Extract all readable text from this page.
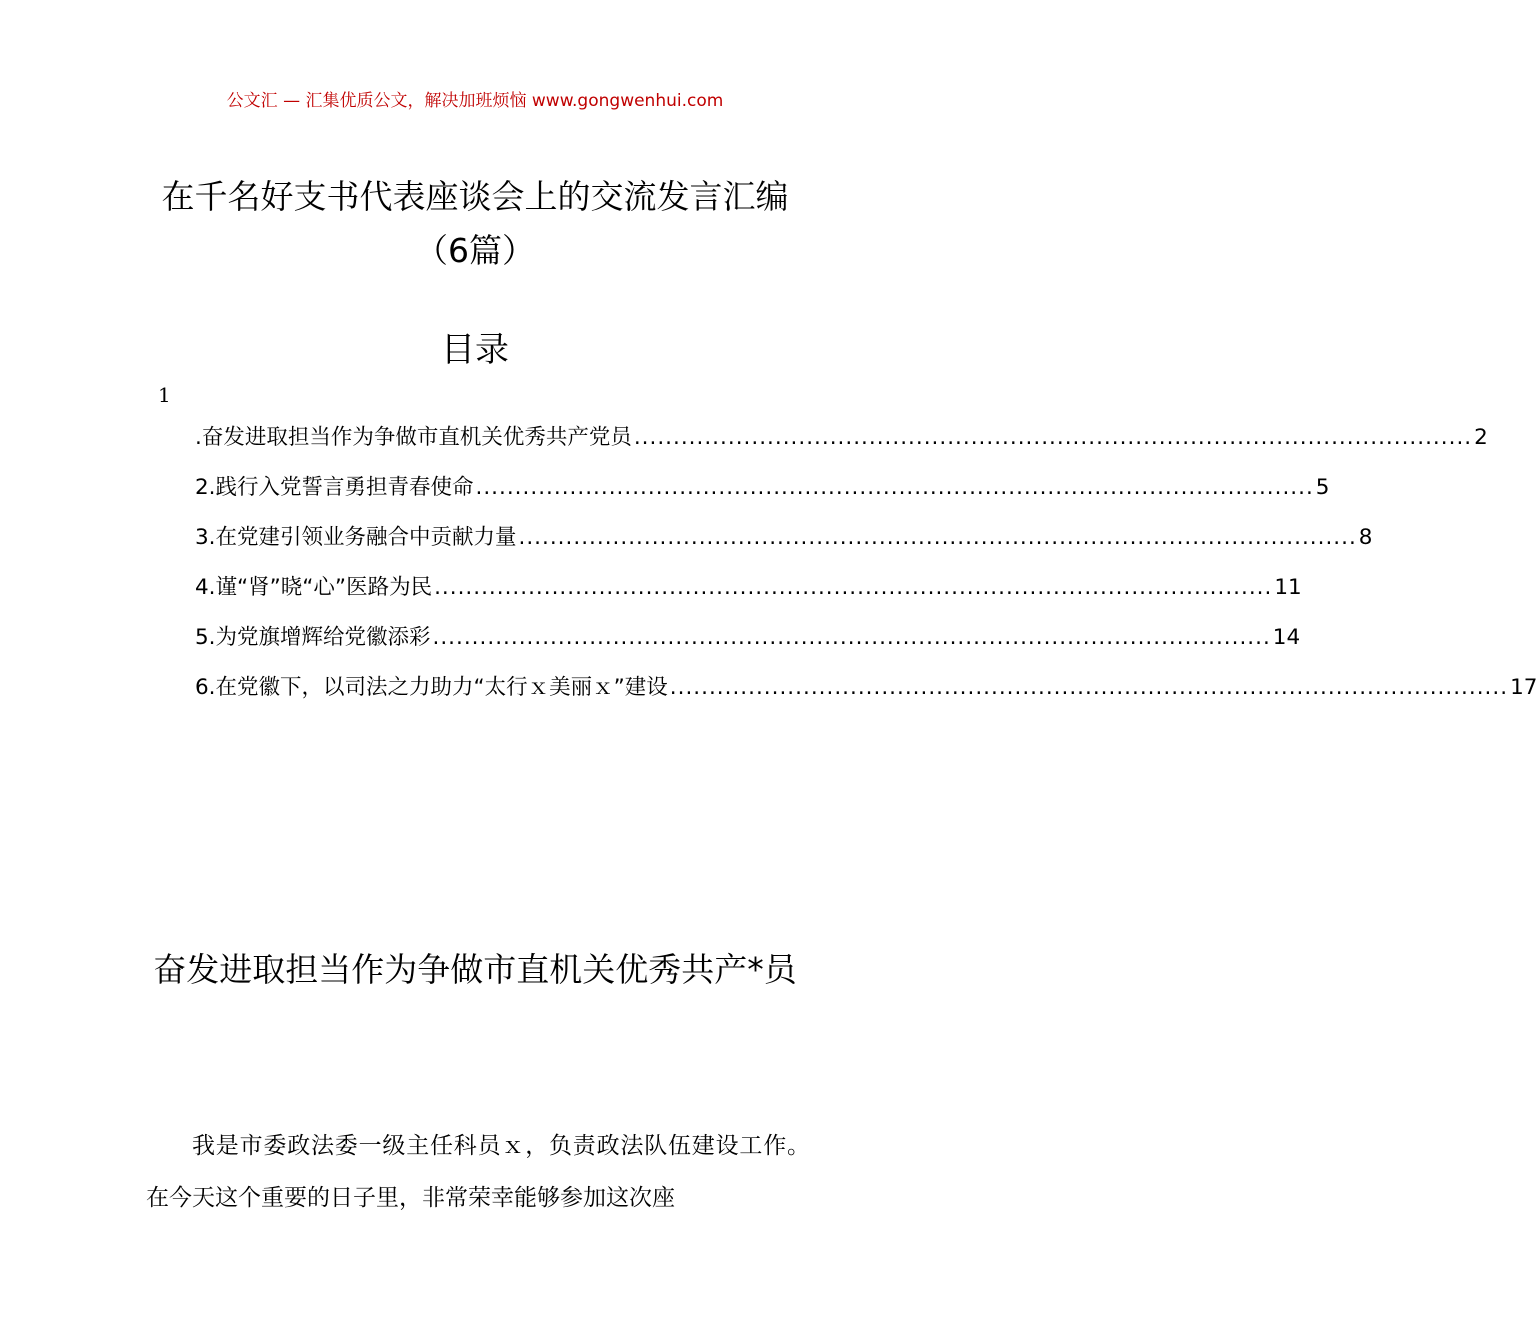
公文汇 — 汇集优质公文，解决加班烦恼 www.gongwenhui.com
在千名好支书代表座谈会上的交流发言汇编（6篇）
目录
1
.奋发进取担当作为争做市直机关优秀共产党员 ........................................................................................................... 2
2.践行入党誓言勇担青春使命 ........................................................................................................... 5
3.在党建引领业务融合中贡献力量 ........................................................................................................... 8
4.谨“肾”晓“心”医路为民 ........................................................................................................... 11
5.为党旗增辉给党徽添彩 ........................................................................................................... 14
6.在党徽下，以司法之力助力“太行ｘ美丽ｘ”建设 ........................................................................................................... 17
奋发进取担当作为争做市直机关优秀共产*员
我是市委政法委一级主任科员ｘ，负责政法队伍建设工作。在今天这个重要的日子里，非常荣幸能够参加这次座
